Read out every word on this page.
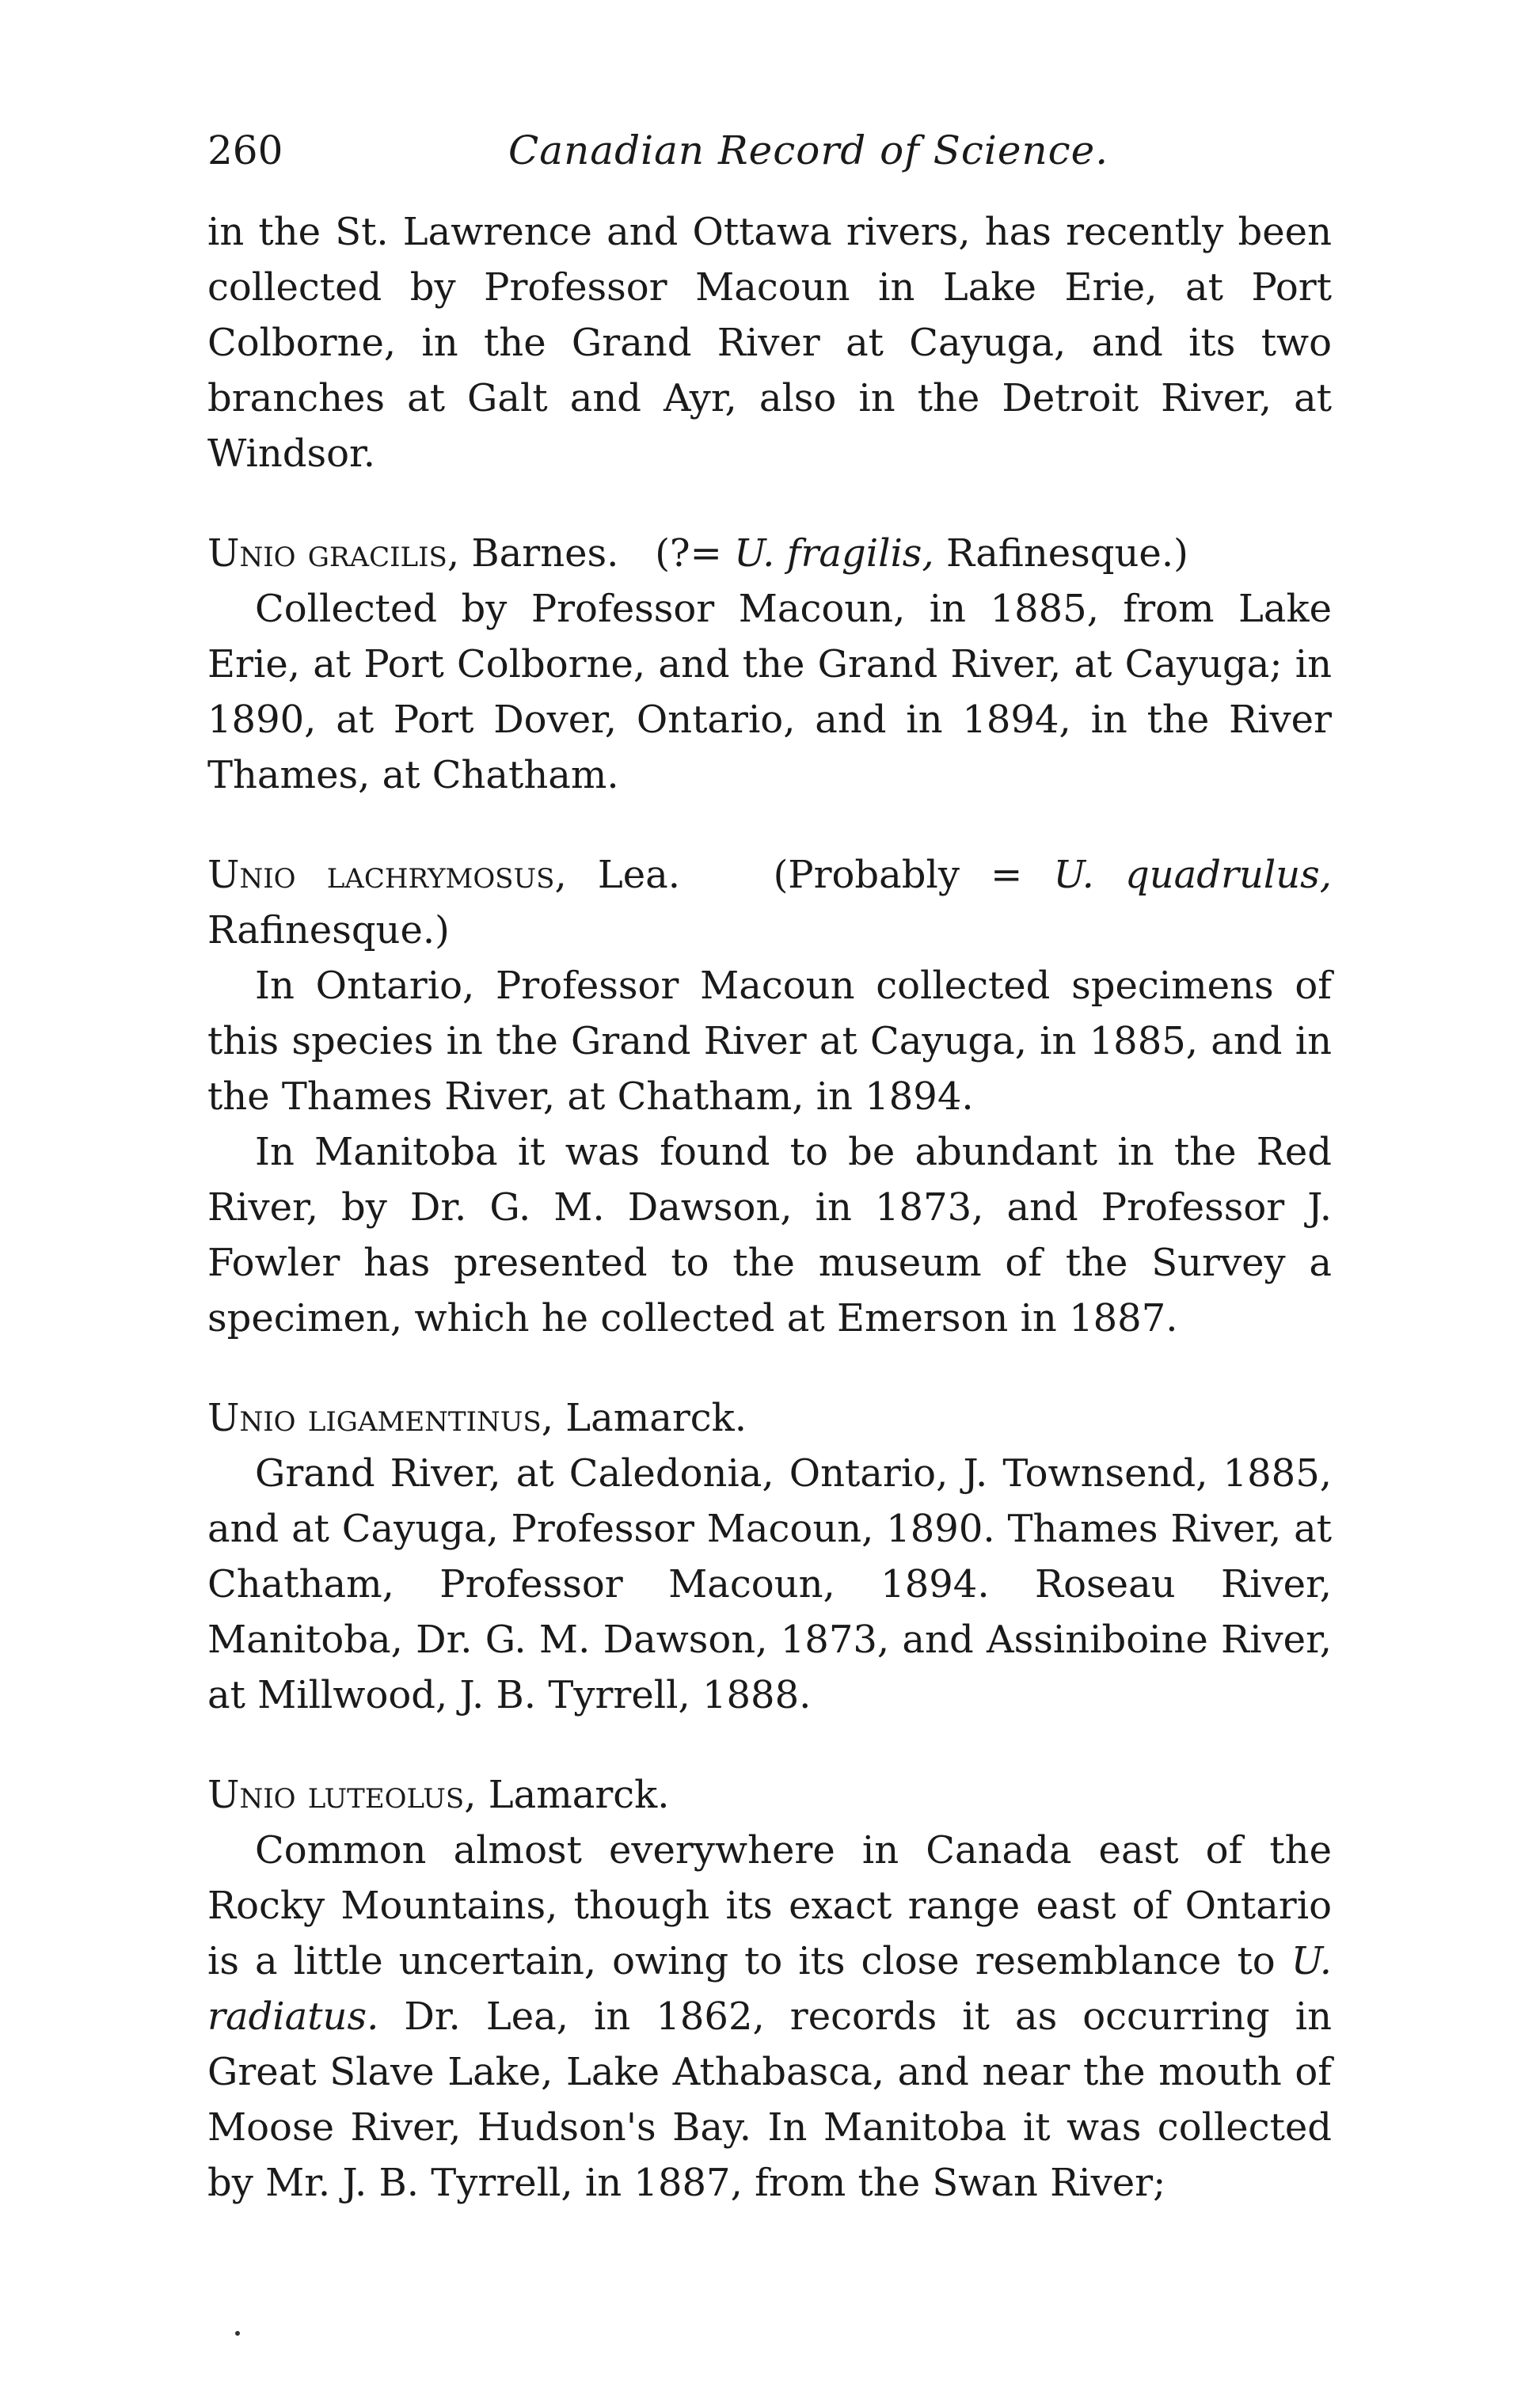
260	Canadian Record of Science.

in the St. Lawrence and Ottawa rivers, has recently been collected by Professor Macoun in Lake Erie, at Port Colborne, in the Grand River at Cayuga, and its two branches at Galt and Ayr, also in the Detroit River, at Windsor.

Unio gracilis, Barnes. (?= U. fragilis, Rafinesque.)

Collected by Professor Macoun, in 1885, from Lake Erie, at Port Colborne, and the Grand River, at Cayuga; in 1890, at Port Dover, Ontario, and in 1894, in the River Thames, at Chatham.

Unio lachrymosus, Lea. (Probably = U. quadrulus, Rafinesque.)

In Ontario, Professor Macoun collected specimens of this species in the Grand River at Cayuga, in 1885, and in the Thames River, at Chatham, in 1894.

In Manitoba it was found to be abundant in the Red River, by Dr. G. M. Dawson, in 1873, and Professor J. Fowler has presented to the museum of the Survey a specimen, which he collected at Emerson in 1887.

Unio ligamentinus, Lamarck.

Grand River, at Caledonia, Ontario, J. Townsend, 1885, and at Cayuga, Professor Macoun, 1890. Thames River, at Chatham, Professor Macoun, 1894. Roseau River, Manitoba, Dr. G. M. Dawson, 1873, and Assiniboine River, at Millwood, J. B. Tyrrell, 1888.

Unio luteolus, Lamarck.

Common almost everywhere in Canada east of the Rocky Mountains, though its exact range east of Ontario is a little uncertain, owing to its close resemblance to U. radiatus. Dr. Lea, in 1862, records it as occurring in Great Slave Lake, Lake Athabasca, and near the mouth of Moose River, Hudson's Bay. In Manitoba it was collected by Mr. J. B. Tyrrell, in 1887, from the Swan River;
